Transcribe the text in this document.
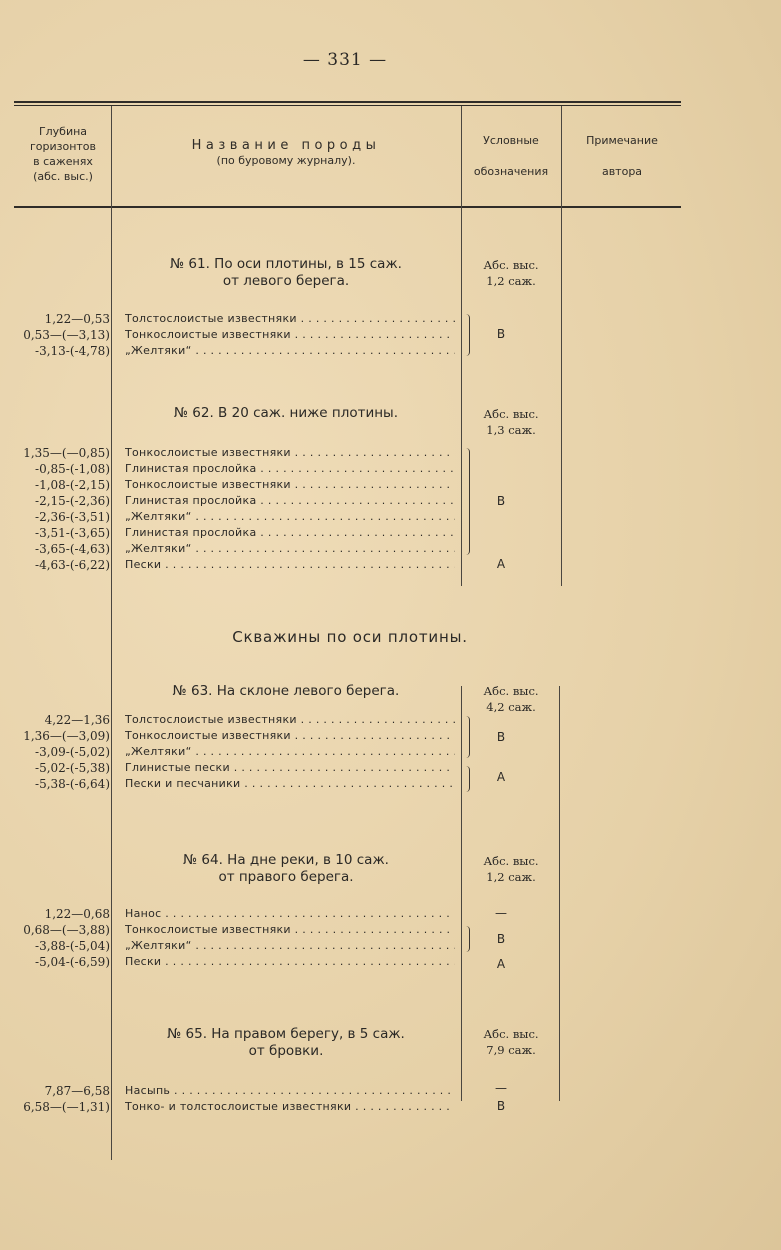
— 331 —
Глубина
горизонтов
в саженях
(абс. выс.)
Название породы
(по буровому журналу).
Условные
обозначения
Примечание
автора
№ 61. По оси плотины, в 15 саж.
от левого берега.
Абс. выс.
1,2 саж.
1,22—0,53 Толстослоистые известняки . . .
0,53—(—3,13) Тонкослоистые известняки . . .
-3,13-(-4,78) „Желтяки“ . . .
В
№ 62. В 20 саж. ниже плотины.	Абс. выс.
1,3 саж.
1,35—(—0,85) Тонкослоистые известняки . . .
-0,85-(-1,08) Глинистая прослойка . . .
-1,08-(-2,15) Тонкослоистые известняки . . .
-2,15-(-2,36) Глинистая прослойка . . .
-2,36-(-3,51) „Желтяки“ . . .
-3,51-(-3,65) Глинистая прослойка . . .
-3,65-(-4,63) „Желтяки“ . . .
-4,63-(-6,22) Пески . . .
В
А
Скважины по оси плотины.
№ 63. На склоне левого берега.	Абс. выс.
4,2 саж.
4,22—1,36 Толстослоистые известняки . . .
1,36—(—3,09) Тонкослоистые известняки . . .
-3,09-(-5,02) „Желтяки“ . . .
-5,02-(-5,38) Глинистые пески . . .
-5,38-(-6,64) Пески и песчаники . . .
В
А
№ 64. На дне реки, в 10 саж.
от правого берега.
Абс. выс.
1,2 саж.
1,22—0,68 Нанос . . .
0,68—(—3,88) Тонкослоистые известняки . . .
-3,88-(-5,04) „Желтяки“ . . .
-5,04-(-6,59) Пески . . .
—
В
А
№ 65. На правом берегу, в 5 саж.
от бровки.
Абс. выс.
7,9 саж.
7,87—6,58 Насыпь . . .
6,58—(—1,31) Тонко- и толстослоистые известняки . . .
—
В
